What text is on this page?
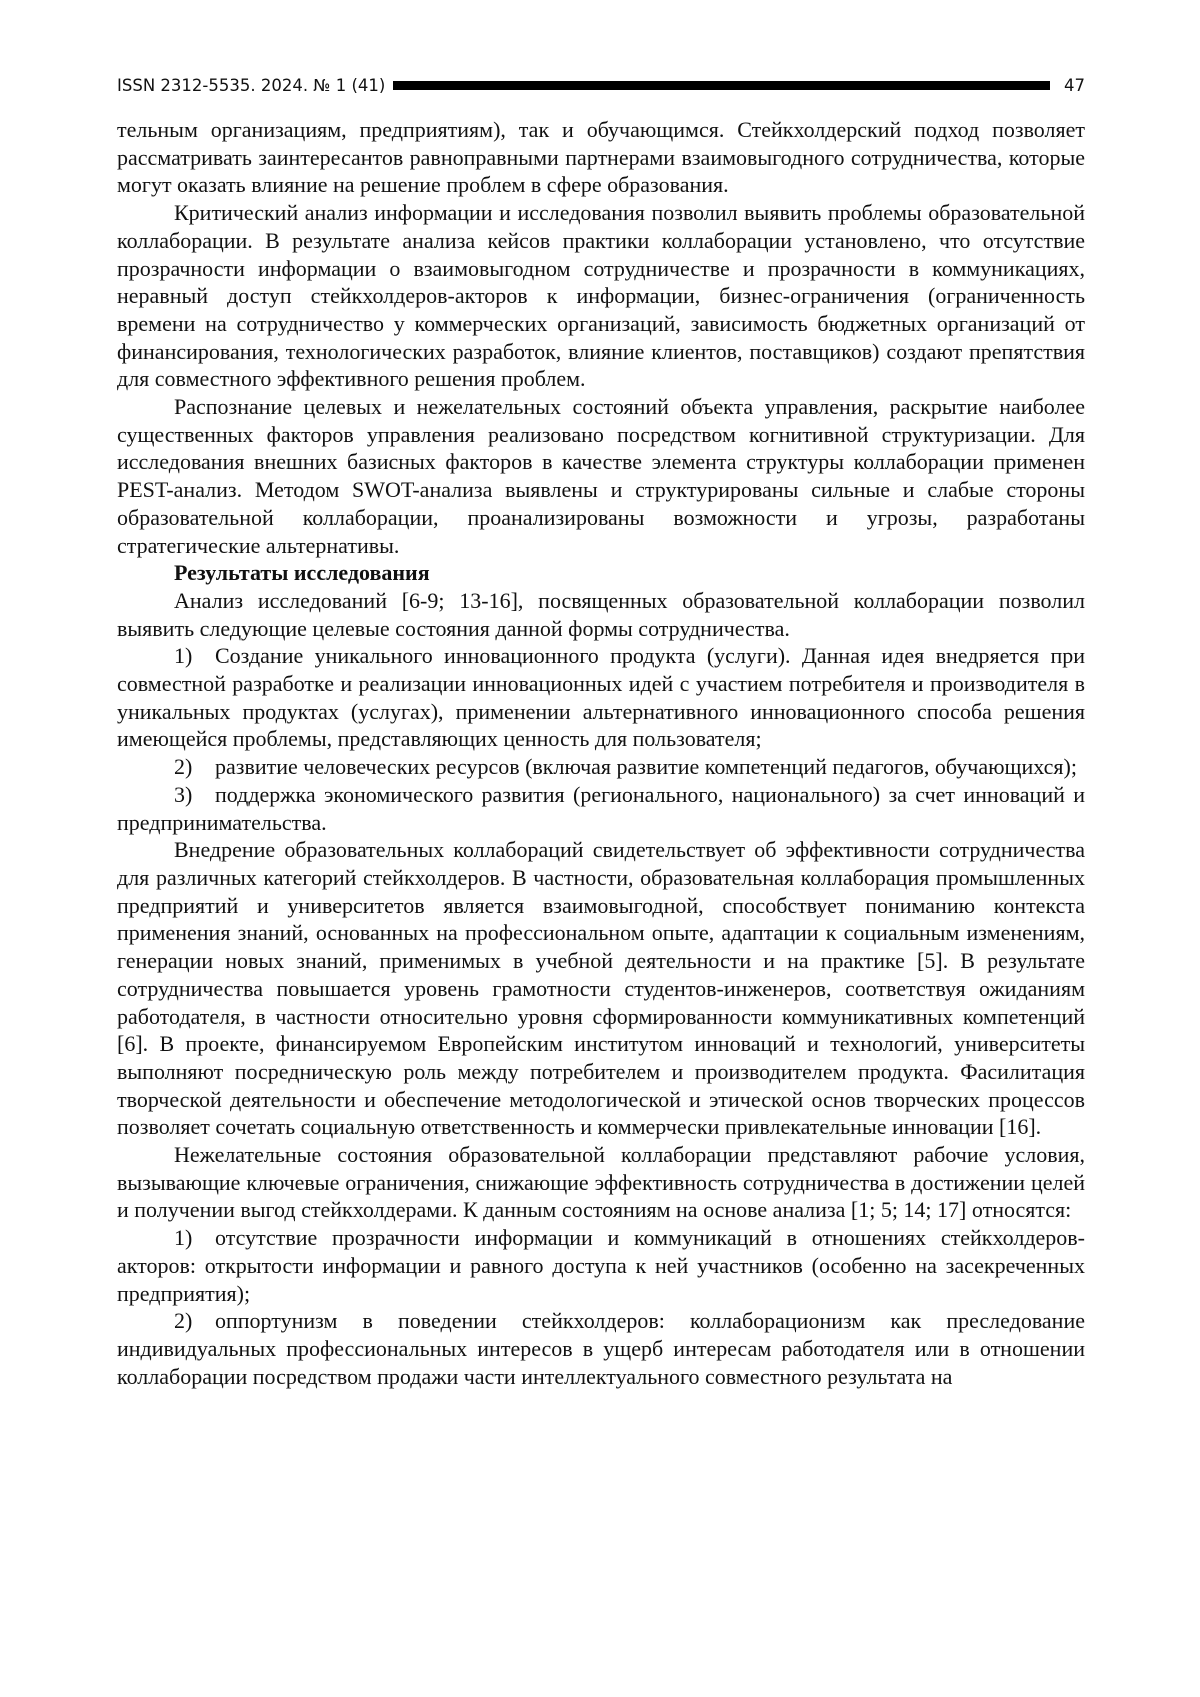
ISSN 2312-5535. 2024. № 1 (41)	47

тельным организациям, предприятиям), так и обучающимся. Стейкхолдерский подход позволяет рассматривать заинтересантов равноправными партнерами взаимовыгодного сотрудничества, которые могут оказать влияние на решение проблем в сфере образования.

Критический анализ информации и исследования позволил выявить проблемы образовательной коллаборации. В результате анализа кейсов практики коллаборации установлено, что отсутствие прозрачности информации о взаимовыгодном сотрудничестве и прозрачности в коммуникациях, неравный доступ стейкхолдеров-акторов к информации, бизнес-ограничения (ограниченность времени на сотрудничество у коммерческих организаций, зависимость бюджетных организаций от финансирования, технологических разработок, влияние клиентов, поставщиков) создают препятствия для совместного эффективного решения проблем.

Распознание целевых и нежелательных состояний объекта управления, раскрытие наиболее существенных факторов управления реализовано посредством когнитивной структуризации. Для исследования внешних базисных факторов в качестве элемента структуры коллаборации применен PEST-анализ. Методом SWOT-анализа выявлены и структурированы сильные и слабые стороны образовательной коллаборации, проанализированы возможности и угрозы, разработаны стратегические альтернативы.

Результаты исследования

Анализ исследований [6-9; 13-16], посвященных образовательной коллаборации позволил выявить следующие целевые состояния данной формы сотрудничества.

1) Создание уникального инновационного продукта (услуги). Данная идея внедряется при совместной разработке и реализации инновационных идей с участием потребителя и производителя в уникальных продуктах (услугах), применении альтернативного инновационного способа решения имеющейся проблемы, представляющих ценность для пользователя;

2) развитие человеческих ресурсов (включая развитие компетенций педагогов, обучающихся);

3) поддержка экономического развития (регионального, национального) за счет инноваций и предпринимательства.

Внедрение образовательных коллабораций свидетельствует об эффективности сотрудничества для различных категорий стейкхолдеров. В частности, образовательная коллаборация промышленных предприятий и университетов является взаимовыгодной, способствует пониманию контекста применения знаний, основанных на профессиональном опыте, адаптации к социальным изменениям, генерации новых знаний, применимых в учебной деятельности и на практике [5]. В результате сотрудничества повышается уровень грамотности студентов-инженеров, соответствуя ожиданиям работодателя, в частности относительно уровня сформированности коммуникативных компетенций [6]. В проекте, финансируемом Европейским институтом инноваций и технологий, университеты выполняют посредническую роль между потребителем и производителем продукта. Фасилитация творческой деятельности и обеспечение методологической и этической основ творческих процессов позволяет сочетать социальную ответственность и коммерчески привлекательные инновации [16].

Нежелательные состояния образовательной коллаборации представляют рабочие условия, вызывающие ключевые ограничения, снижающие эффективность сотрудничества в достижении целей и получении выгод стейкхолдерами. К данным состояниям на основе анализа [1; 5; 14; 17] относятся:

1) отсутствие прозрачности информации и коммуникаций в отношениях стейкхолдеров-акторов: открытости информации и равного доступа к ней участников (особенно на засекреченных предприятия);

2) оппортунизм в поведении стейкхолдеров: коллаборационизм как преследование индивидуальных профессиональных интересов в ущерб интересам работодателя или в отношении коллаборации посредством продажи части интеллектуального совместного результата на
